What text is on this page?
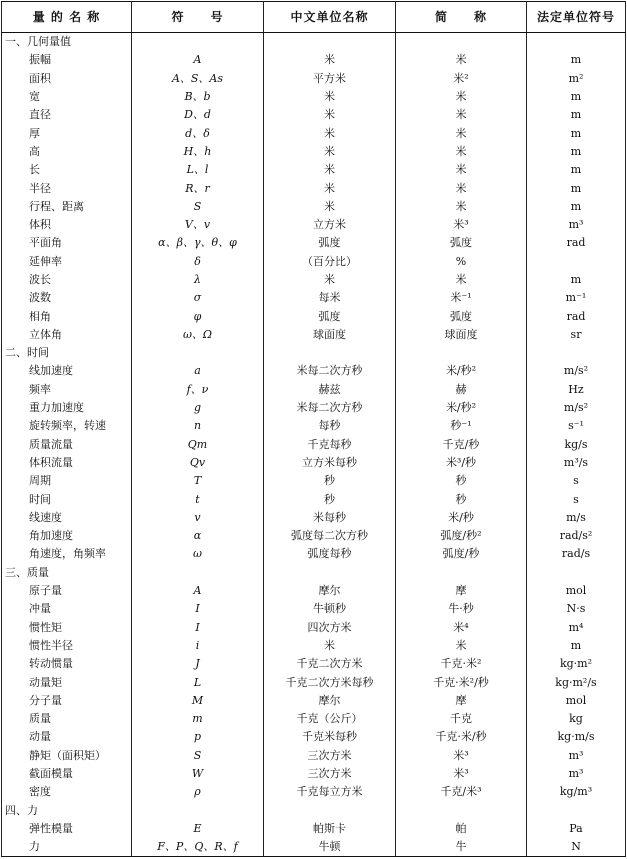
量 的 名 称	符　　号	中文单位名称	简　　称	法定单位符号
一、几何量值				
振幅	A	米	米	m
面积	A、S、As	平方米	米²	m²
宽	B、b	米	米	m
直径	D、d	米	米	m
厚	d、δ	米	米	m
高	H、h	米	米	m
长	L、l	米	米	m
半径	R、r	米	米	m
行程、距离	S	米	米	m
体积	V、v	立方米	米³	m³
平面角	α、β、γ、θ、φ	弧度	弧度	rad
延伸率	δ	（百分比）	%	
波长	λ	米	米	m
波数	σ	每米	米⁻¹	m⁻¹
相角	φ	弧度	弧度	rad
立体角	ω、Ω	球面度	球面度	sr
二、时间				
线加速度	a	米每二次方秒	米/秒²	m/s²
频率	f、ν	赫兹	赫	Hz
重力加速度	g	米每二次方秒	米/秒²	m/s²
旋转频率，转速	n	每秒	秒⁻¹	s⁻¹
质量流量	Qm	千克每秒	千克/秒	kg/s
体积流量	Qv	立方米每秒	米³/秒	m³/s
周期	T	秒	秒	s
时间	t	秒	秒	s
线速度	v	米每秒	米/秒	m/s
角加速度	α	弧度每二次方秒	弧度/秒²	rad/s²
角速度，角频率	ω	弧度每秒	弧度/秒	rad/s
三、质量				
原子量	A	摩尔	摩	mol
冲量	I	牛顿秒	牛·秒	N·s
惯性矩	I	四次方米	米⁴	m⁴
惯性半径	i	米	米	m
转动惯量	J	千克二次方米	千克·米²	kg·m²
动量矩	L	千克二次方米每秒	千克·米²/秒	kg·m²/s
分子量	M	摩尔	摩	mol
质量	m	千克（公斤）	千克	kg
动量	p	千克米每秒	千克·米/秒	kg·m/s
静矩（面积矩）	S	三次方米	米³	m³
截面模量	W	三次方米	米³	m³
密度	ρ	千克每立方米	千克/米³	kg/m³
四、力				
弹性模量	E	帕斯卡	帕	Pa
力	F、P、Q、R、f	牛顿	牛	N
